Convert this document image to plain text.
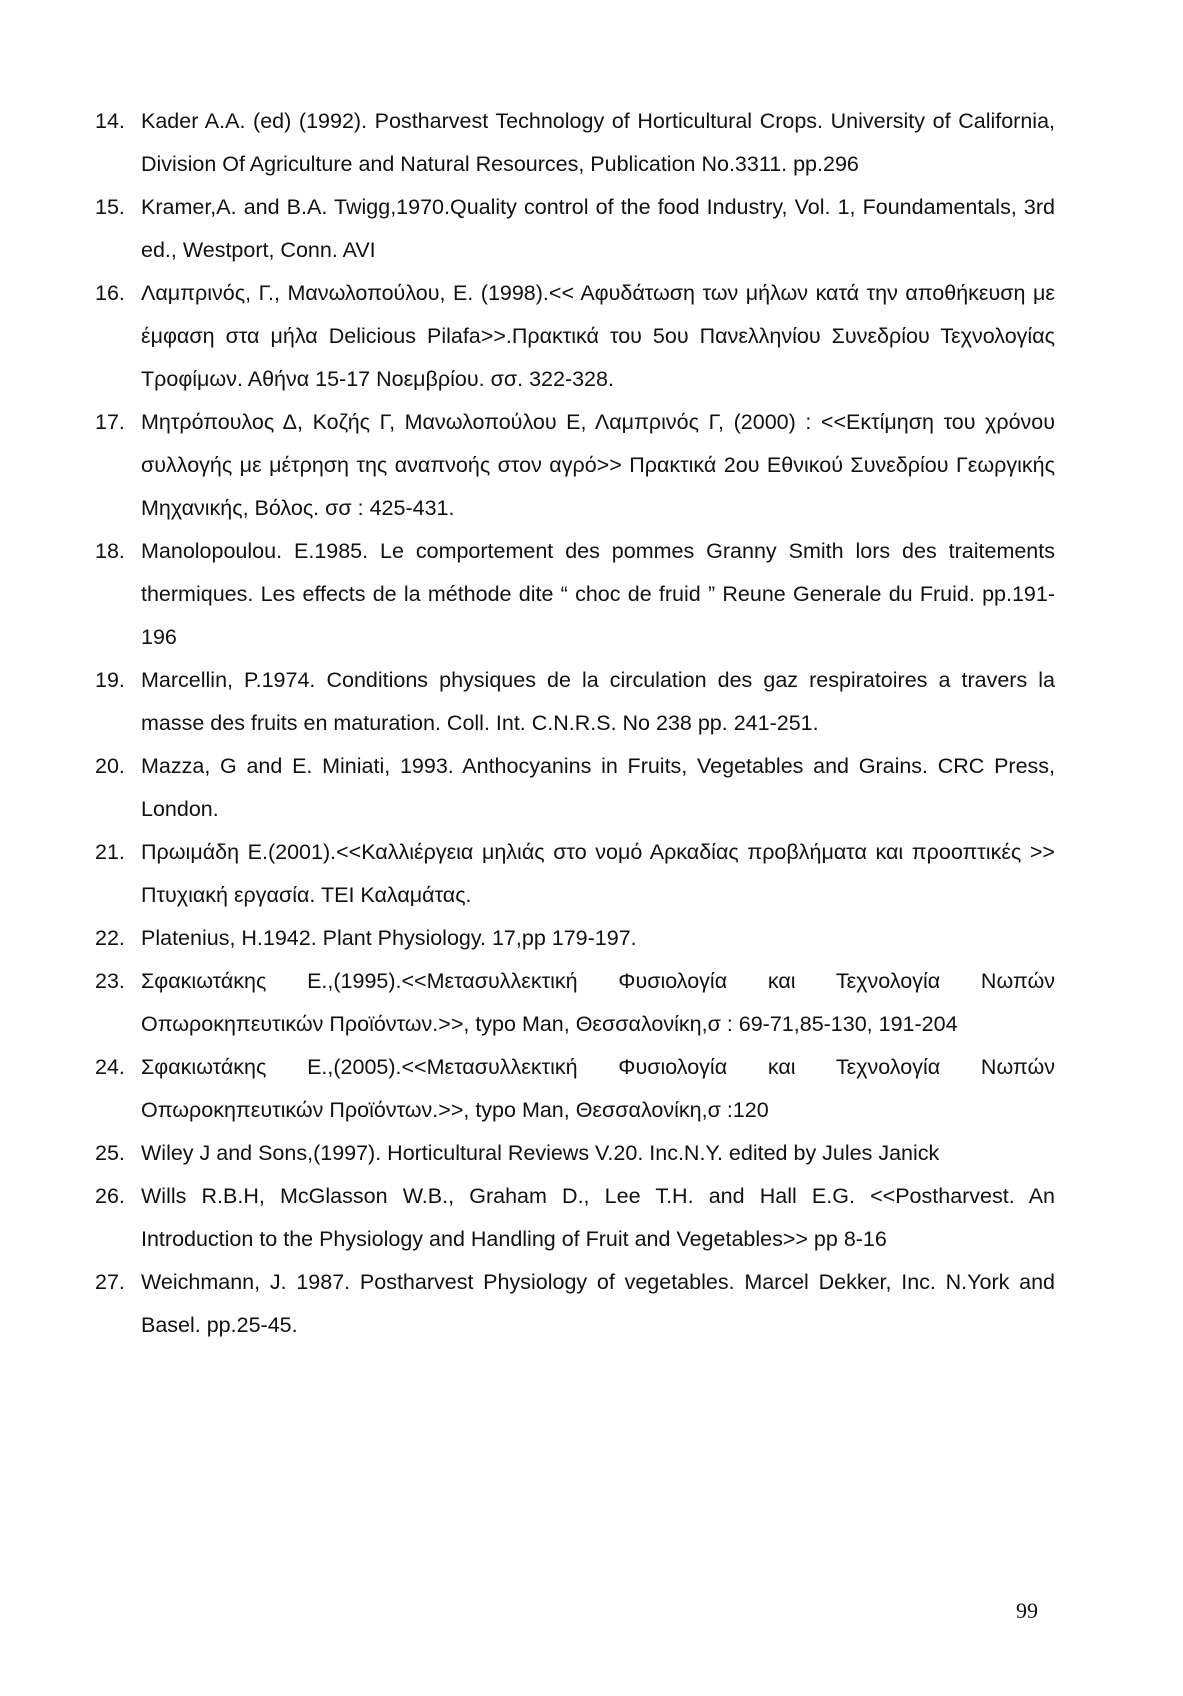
14. Kader A.A. (ed) (1992). Postharvest Technology of Horticultural Crops. University of California, Division Of Agriculture and Natural Resources, Publication No.3311. pp.296
15. Kramer,A. and B.A. Twigg,1970.Quality control of the food Industry, Vol. 1, Foundamentals, 3rd ed., Westport, Conn. AVI
16. Λαμπρινός, Γ., Μανωλοπούλου, Ε. (1998).<< Αφυδάτωση των μήλων κατά την αποθήκευση με έμφαση στα μήλα Delicious Pilafa>>.Πρακτικά του 5ου Πανελληνίου Συνεδρίου Τεχνολογίας Τροφίμων. Αθήνα 15-17 Νοεμβρίου. σσ. 322-328.
17. Μητρόπουλος Δ, Κοζής Γ, Μανωλοπούλου Ε, Λαμπρινός Γ, (2000) : <<Εκτίμηση του χρόνου συλλογής με μέτρηση της αναπνοής στον αγρό>> Πρακτικά 2ου Εθνικού Συνεδρίου Γεωργικής Μηχανικής, Βόλος. σσ : 425-431.
18. Manolopoulou. E.1985. Le comportement des pommes Granny Smith lors des traitements thermiques. Les effects de la méthode dite “ choc de fruid ” Reune Generale du Fruid. pp.191-196
19. Marcellin, P.1974. Conditions physiques de la circulation des gaz respiratoires a travers la masse des fruits en maturation. Coll. Int. C.N.R.S. No 238 pp. 241-251.
20. Mazza, G and E. Miniati, 1993. Anthocyanins in Fruits, Vegetables and Grains. CRC Press, London.
21. Πρωιμάδη Ε.(2001).<<Καλλιέργεια μηλιάς στο νομό Αρκαδίας προβλήματα και προοπτικές >> Πτυχιακή εργασία. ΤΕΙ Καλαμάτας.
22. Platenius, H.1942. Plant Physiology. 17,pp 179-197.
23. Σφακιωτάκης Ε.,(1995).<<Μετασυλλεκτική Φυσιολογία και Τεχνολογία Νωπών Οπωροκηπευτικών Προϊόντων.>>, typo Man, Θεσσαλονίκη,σ : 69-71,85-130, 191-204
24. Σφακιωτάκης Ε.,(2005).<<Μετασυλλεκτική Φυσιολογία και Τεχνολογία Νωπών Οπωροκηπευτικών Προϊόντων.>>, typo Man, Θεσσαλονίκη,σ :120
25. Wiley J and Sons,(1997). Horticultural Reviews V.20. Inc.N.Y. edited by Jules Janick
26. Wills R.B.H, McGlasson W.B., Graham D., Lee T.H. and Hall E.G. <<Postharvest. An Introduction to the Physiology and Handling of Fruit and Vegetables>> pp 8-16
27. Weichmann, J. 1987. Postharvest Physiology of vegetables. Marcel Dekker, Inc. N.York and Basel. pp.25-45.
99
